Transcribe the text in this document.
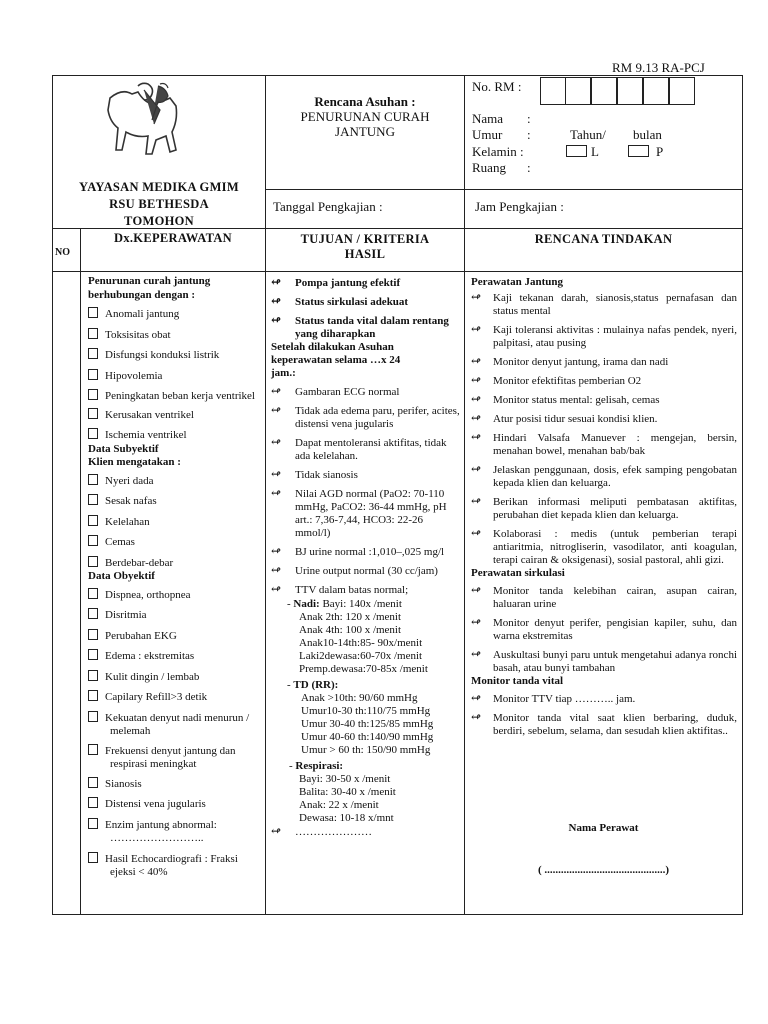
RM 9.13 RA-PCJ
YAYASAN MEDIKA GMIM
RSU BETHESDA
TOMOHON
Rencana Asuhan :
PENURUNAN CURAH
JANTUNG
No. RM :
Nama :
Umur :	Tahun/ bulan
Kelamin :	L	P
Ruang :
Tanggal Pengkajian :	Jam Pengkajian :
NO
Dx.KEPERAWATAN	TUJUAN / KRITERIA
HASIL
RENCANA TINDAKAN
Penurunan curah jantung
berhubungan dengan :
Anomali jantung
Toksisitas obat
Disfungsi konduksi listrik
Hipovolemia
Peningkatan beban kerja ventrikel
Kerusakan ventrikel
Ischemia ventrikel
Data Subyektif
Klien mengatakan :
Nyeri dada
Sesak nafas
Kelelahan
Cemas
Berdebar-debar
Data Obyektif
Dispnea, orthopnea
Disritmia
Perubahan EKG
Edema : ekstremitas
Kulit dingin / lembab
Capilary Refill>3 detik
Kekuatan denyut nadi menurun / melemah
Frekuensi denyut jantung dan respirasi meningkat
Sianosis
Distensi vena jugularis
Enzim jantung abnormal: ……………………..
Hasil Echocardiografi : Fraksi ejeksi < 40%
↫ Pompa jantung efektif
↫ Status sirkulasi adekuat
↫ Status tanda vital dalam rentang yang diharapkan
Setelah dilakukan Asuhan
keperawatan selama …x 24
jam.:
↫ Gambaran ECG normal
↫ Tidak ada edema paru, perifer, acites, distensi vena jugularis
↫ Dapat mentoleransi aktifitas, tidak ada kelelahan.
↫ Tidak sianosis
↫ Nilai AGD normal (PaO2: 70-110 mmHg, PaCO2: 36-44 mmHg, pH art.: 7,36-7,44, HCO3: 22-26 mmol/l)
↫ BJ urine normal :1,010–,025 mg/l
↫ Urine output normal (30 cc/jam)
↫ TTV dalam batas normal;
- Nadi: Bayi: 140x /menit
Anak 2th: 120 x /menit
Anak 4th: 100 x /menit
Anak10-14th:85- 90x/menit
Laki2dewasa:60-70x /menit
Premp.dewasa:70-85x /menit
- TD (RR):
Anak >10th: 90/60 mmHg
Umur10-30 th:110/75 mmHg
Umur 30-40 th:125/85 mmHg
Umur 40-60 th:140/90 mmHg
Umur > 60 th: 150/90 mmHg
- Respirasi:
Bayi: 30-50 x /menit
Balita: 30-40 x /menit
Anak: 22 x /menit
Dewasa: 10-18 x/mnt
↫ …………………
Perawatan Jantung
↫ Kaji tekanan darah, sianosis,status pernafasan dan status mental
↫ Kaji toleransi aktivitas : mulainya nafas pendek, nyeri, palpitasi, atau pusing
↫ Monitor denyut jantung, irama dan nadi
↫ Monitor efektifitas pemberian O2
↫ Monitor status mental: gelisah, cemas
↫ Atur posisi tidur sesuai kondisi klien.
↫ Hindari Valsafa Manuever : mengejan, bersin, menahan bowel, menahan bab/bak
↫ Jelaskan penggunaan, dosis, efek samping pengobatan kepada klien dan keluarga.
↫ Berikan informasi meliputi pembatasan aktifitas, perubahan diet kepada klien dan keluarga.
↫ Kolaborasi : medis (untuk pemberian terapi antiaritmia, nitrogliserin, vasodilator, anti koagulan, terapi cairan & oksigenasi), sosial pastoral, ahli gizi.
Perawatan sirkulasi
↫ Monitor tanda kelebihan cairan, asupan cairan, haluaran urine
↫ Monitor denyut perifer, pengisian kapiler, suhu, dan warna ekstremitas
↫ Auskultasi bunyi paru untuk mengetahui adanya ronchi basah, atau bunyi tambahan
Monitor tanda vital
↫ Monitor TTV tiap ……….. jam.
↫ Monitor tanda vital saat klien berbaring, duduk, berdiri, sebelum, selama, dan sesudah klien aktifitas..
Nama Perawat
( ............................................)
